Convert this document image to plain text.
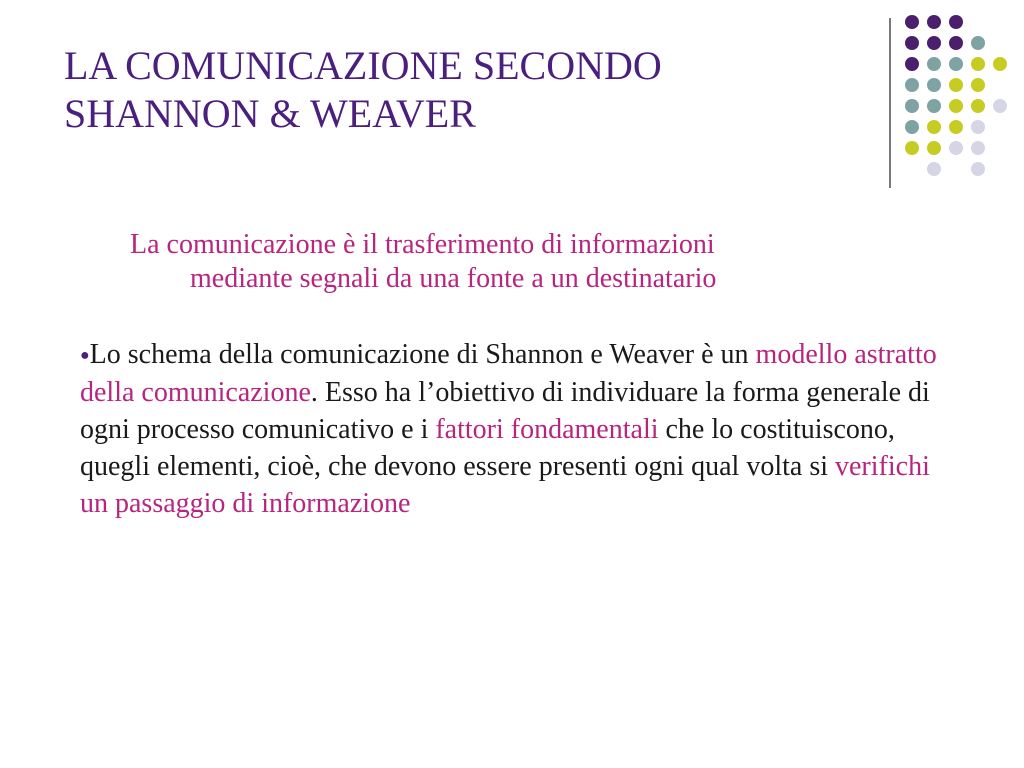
LA COMUNICAZIONE SECONDO
SHANNON & WEAVER

La comunicazione è il trasferimento di informazioni
mediante segnali da una fonte a un destinatario

●Lo schema della comunicazione di Shannon e Weaver è un modello astratto della comunicazione. Esso ha l’obiettivo di individuare la forma generale di ogni processo comunicativo e i fattori fondamentali che lo costituiscono, quegli elementi, cioè, che devono essere presenti ogni qual volta si verifichi un passaggio di informazione
